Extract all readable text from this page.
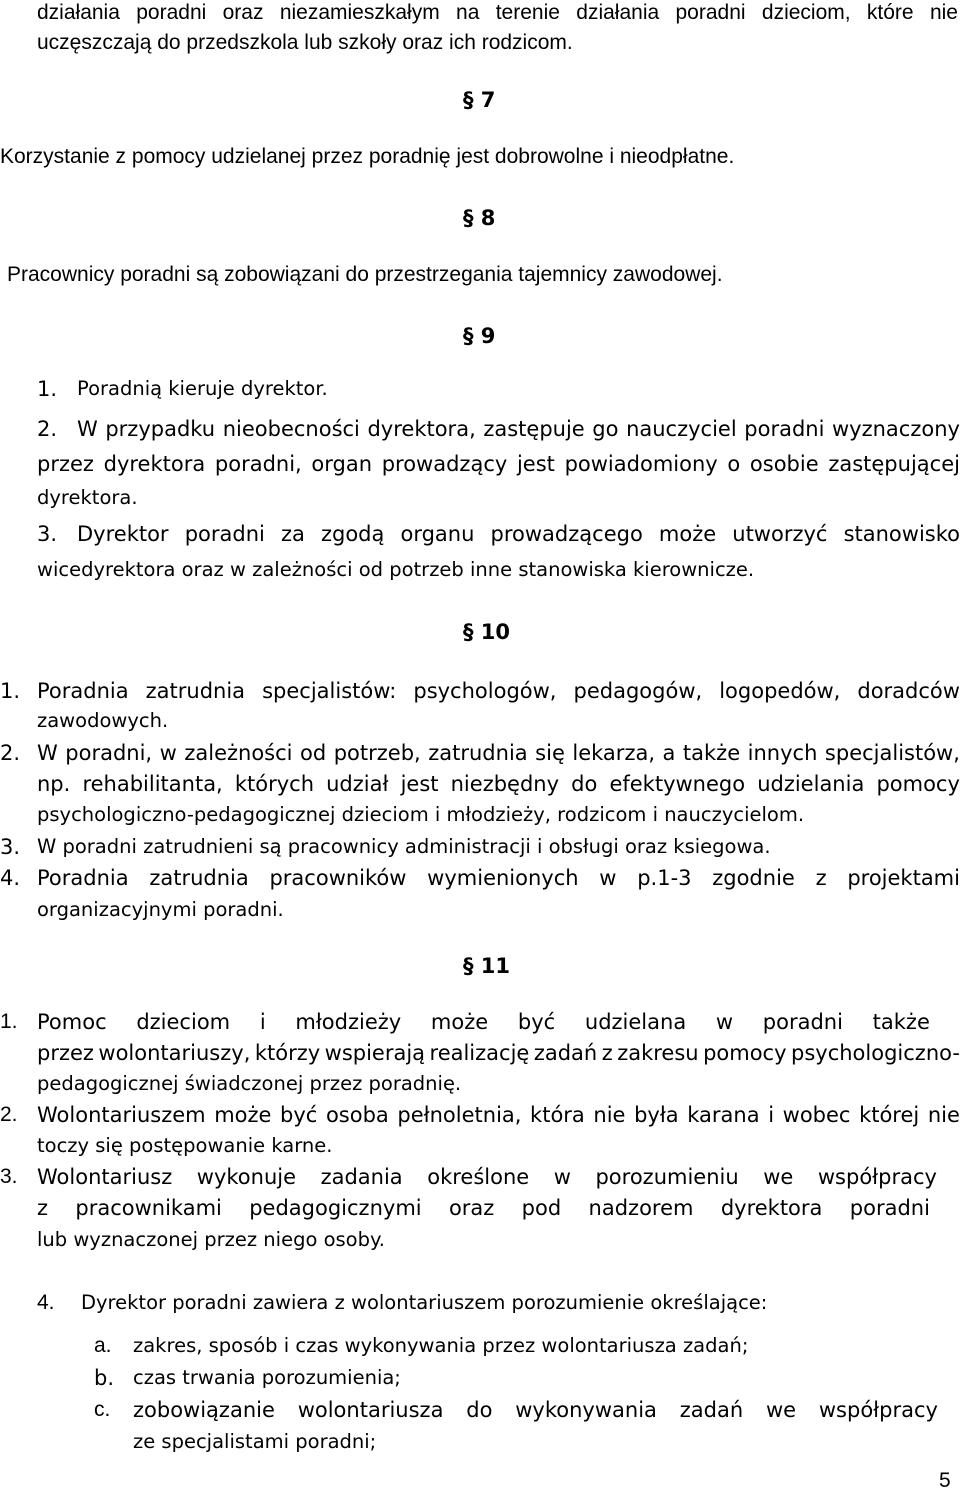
działania poradni oraz niezamieszkałym na terenie działania poradni dzieciom, które nie
uczęszczają do przedszkola lub szkoły oraz ich rodzicom.
§ 7
Korzystanie z pomocy udzielanej przez poradnię jest dobrowolne i nieodpłatne.
§ 8
Pracownicy poradni są zobowiązani do przestrzegania tajemnicy zawodowej.
§ 9
1. Poradnią kieruje dyrektor.
2. W przypadku nieobecności dyrektora, zastępuje go nauczyciel poradni wyznaczony
przez dyrektora poradni, organ prowadzący jest powiadomiony o osobie zastępującej
dyrektora.
3. Dyrektor poradni za zgodą organu prowadzącego może utworzyć stanowisko
wicedyrektora oraz w zależności od potrzeb inne stanowiska kierownicze.
§ 10
1. Poradnia zatrudnia specjalistów: psychologów, pedagogów, logopedów, doradców
zawodowych.
2. W poradni, w zależności od potrzeb, zatrudnia się lekarza, a także innych specjalistów,
np. rehabilitanta, których udział jest niezbędny do efektywnego udzielania pomocy
psychologiczno-pedagogicznej dzieciom i młodzieży, rodzicom i nauczycielom.
3. W poradni zatrudnieni są pracownicy administracji i obsługi oraz ksiegowa.
4. Poradnia zatrudnia pracowników wymienionych w p.1-3 zgodnie z projektami
organizacyjnymi poradni.
§ 11
1. Pomoc dzieciom i młodzieży może być udzielana w poradni także
przez wolontariuszy, którzy wspierają realizację zadań z zakresu pomocy psychologiczno-
pedagogicznej świadczonej przez poradnię.
2. Wolontariuszem może być osoba pełnoletnia, która nie była karana i wobec której nie
toczy się postępowanie karne.
3. Wolontariusz wykonuje zadania określone w porozumieniu we współpracy
z pracownikami pedagogicznymi oraz pod nadzorem dyrektora poradni
lub wyznaczonej przez niego osoby.
4. Dyrektor poradni zawiera z wolontariuszem porozumienie określające:
a. zakres, sposób i czas wykonywania przez wolontariusza zadań;
b. czas trwania porozumienia;
c. zobowiązanie wolontariusza do wykonywania zadań we współpracy
ze specjalistami poradni;
5
